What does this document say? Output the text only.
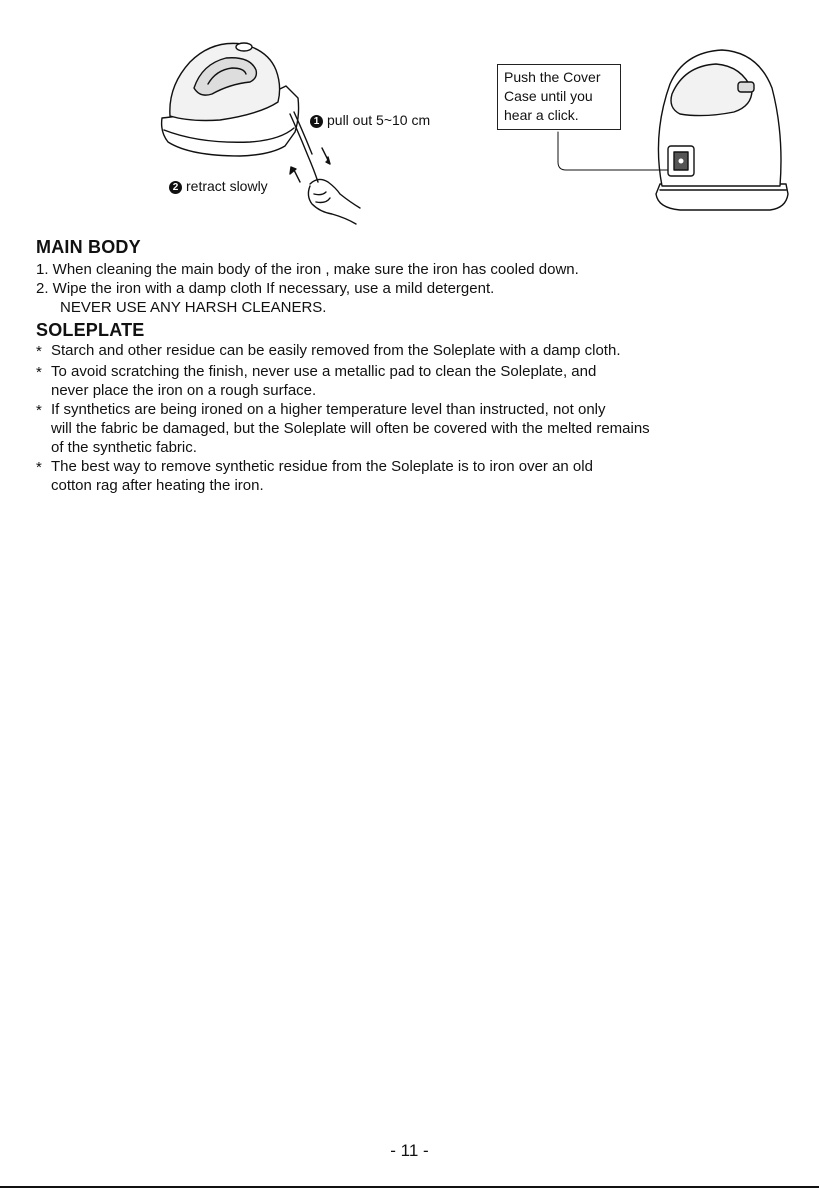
1 pull out 5~10 cm
2 retract slowly
Push the Cover
Case until you
hear a click.
MAIN BODY
1. When cleaning the main body of the iron , make sure the iron has cooled down.
2. Wipe the iron with a damp cloth If necessary, use a mild detergent.
NEVER USE ANY HARSH CLEANERS.
SOLEPLATE
* Starch and other residue can be easily removed from the Soleplate with a damp cloth.
* To avoid scratching the finish, never use a metallic pad to clean the Soleplate, and
never place the iron on a rough surface.
* If synthetics are being ironed on a higher temperature level than instructed, not only
will the fabric be damaged, but the Soleplate will often be covered with the melted remains
of the synthetic fabric.
* The best way to remove synthetic residue from the Soleplate is to iron over an old
cotton rag after heating the iron.
- 11 -
